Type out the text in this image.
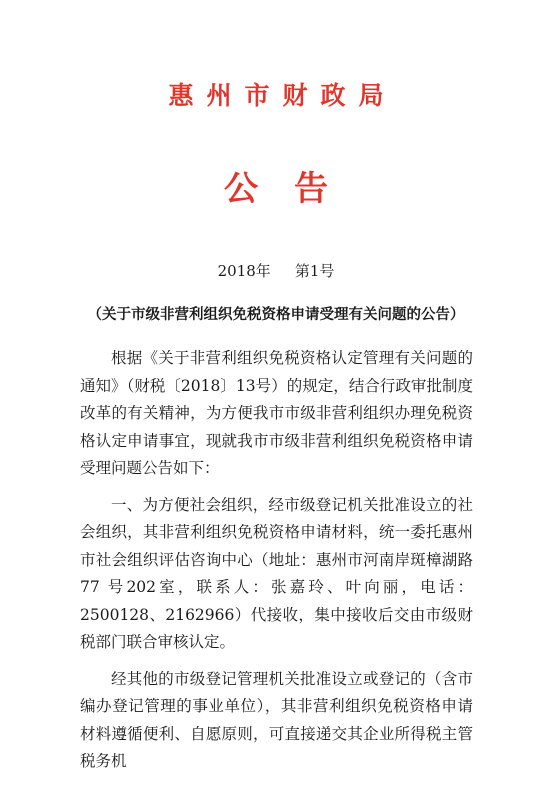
惠州市财政局
公告
2018年 第1号
（关于市级非营利组织免税资格申请受理有关问题的公告）

根据《关于非营利组织免税资格认定管理有关问题的通知》（财税〔2018〕13号）的规定，结合行政审批制度改革的有关精神，为方便我市市级非营利组织办理免税资格认定申请事宜，现就我市市级非营利组织免税资格申请受理问题公告如下：

一、为方便社会组织，经市级登记机关批准设立的社会组织，其非营利组织免税资格申请材料，统一委托惠州市社会组织评估咨询中心（地址：惠州市河南岸斑樟湖路 77 号202室，联系人：张嘉玲、叶向丽，电话：2500128、2162966）代接收，集中接收后交由市级财税部门联合审核认定。

经其他的市级登记管理机关批准设立或登记的（含市编办登记管理的事业单位），其非营利组织免税资格申请材料遵循便利、自愿原则，可直接递交其企业所得税主管税务机
